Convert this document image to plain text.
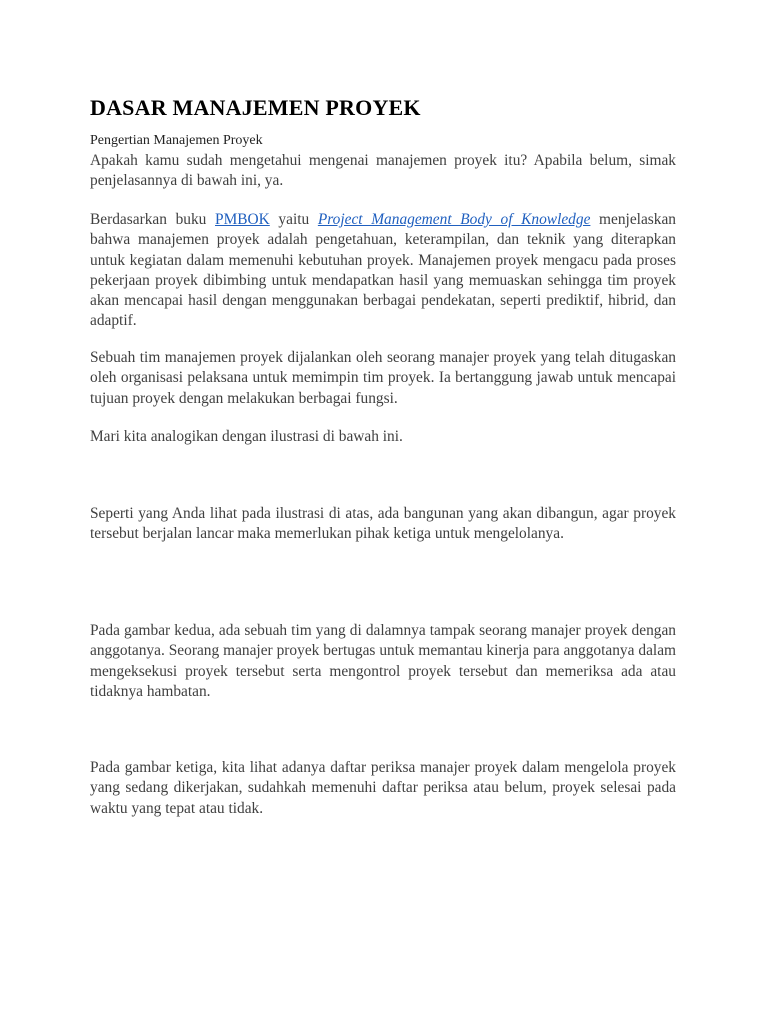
DASAR MANAJEMEN PROYEK

Pengertian Manajemen Proyek

Apakah kamu sudah mengetahui mengenai manajemen proyek itu? Apabila belum, simak penjelasannya di bawah ini, ya.

Berdasarkan buku PMBOK yaitu Project Management Body of Knowledge menjelaskan bahwa manajemen proyek adalah pengetahuan, keterampilan, dan teknik yang diterapkan untuk kegiatan dalam memenuhi kebutuhan proyek. Manajemen proyek mengacu pada proses pekerjaan proyek dibimbing untuk mendapatkan hasil yang memuaskan sehingga tim proyek akan mencapai hasil dengan menggunakan berbagai pendekatan, seperti prediktif, hibrid, dan adaptif.

Sebuah tim manajemen proyek dijalankan oleh seorang manajer proyek yang telah ditugaskan oleh organisasi pelaksana untuk memimpin tim proyek. Ia bertanggung jawab untuk mencapai tujuan proyek dengan melakukan berbagai fungsi.

Mari kita analogikan dengan ilustrasi di bawah ini.

Seperti yang Anda lihat pada ilustrasi di atas, ada bangunan yang akan dibangun, agar proyek tersebut berjalan lancar maka memerlukan pihak ketiga untuk mengelolanya.

Pada gambar kedua, ada sebuah tim yang di dalamnya tampak seorang manajer proyek dengan anggotanya. Seorang manajer proyek bertugas untuk memantau kinerja para anggotanya dalam mengeksekusi proyek tersebut serta mengontrol proyek tersebut dan memeriksa ada atau tidaknya hambatan.

Pada gambar ketiga, kita lihat adanya daftar periksa manajer proyek dalam mengelola proyek yang sedang dikerjakan, sudahkah memenuhi daftar periksa atau belum, proyek selesai pada waktu yang tepat atau tidak.
